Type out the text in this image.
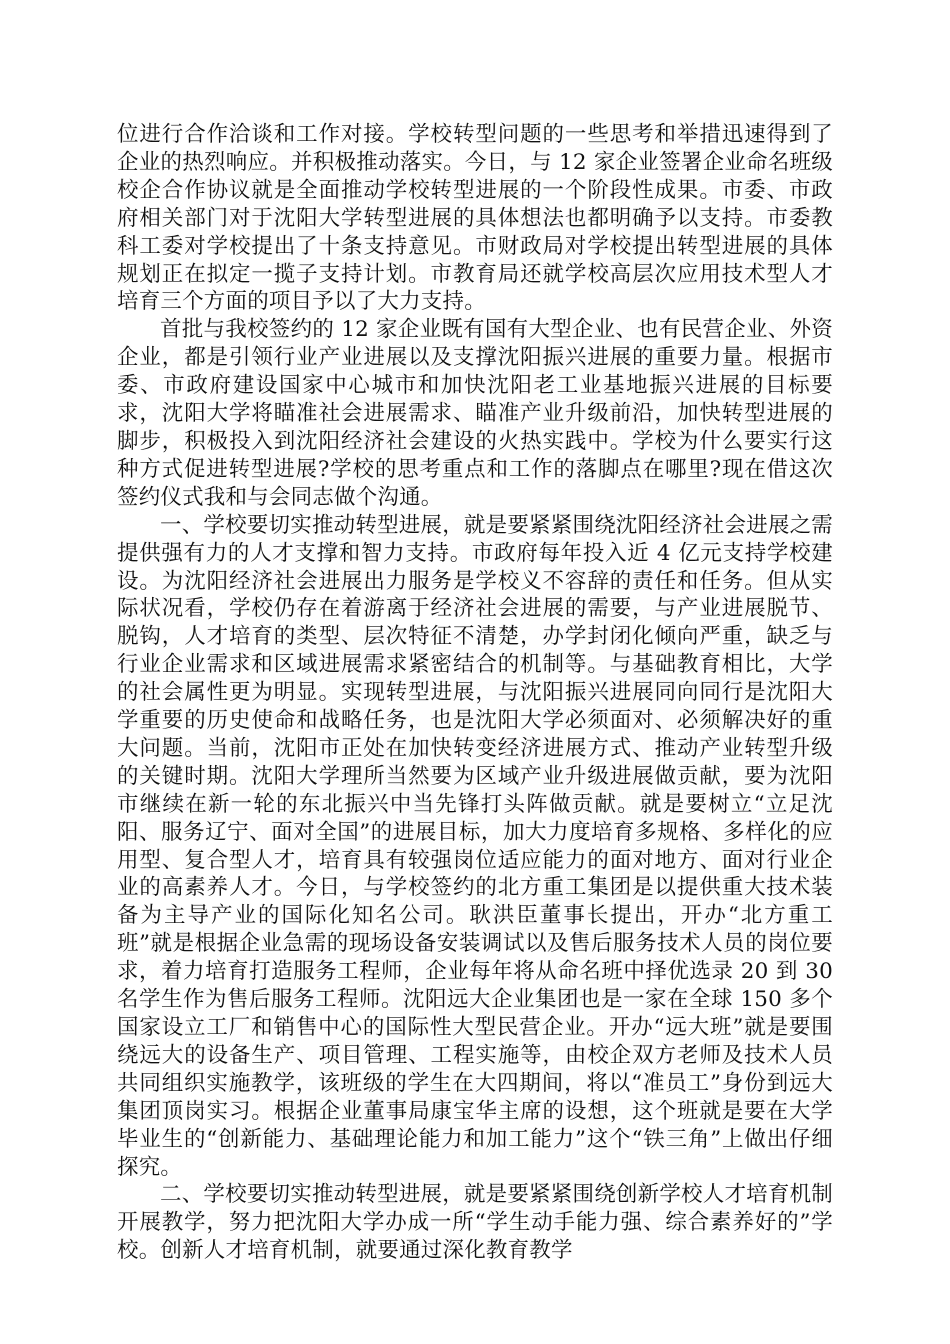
位进行合作洽谈和工作对接。学校转型问题的一些思考和举措迅速得到了企业的热烈响应。并积极推动落实。今日，与 12 家企业签署企业命名班级校企合作协议就是全面推动学校转型进展的一个阶段性成果。市委、市政府相关部门对于沈阳大学转型进展的具体想法也都明确予以支持。市委教科工委对学校提出了十条支持意见。市财政局对学校提出转型进展的具体规划正在拟定一揽子支持计划。市教育局还就学校高层次应用技术型人才培育三个方面的项目予以了大力支持。

首批与我校签约的 12 家企业既有国有大型企业、也有民营企业、外资企业，都是引领行业产业进展以及支撑沈阳振兴进展的重要力量。根据市委、市政府建设国家中心城市和加快沈阳老工业基地振兴进展的目标要求，沈阳大学将瞄准社会进展需求、瞄准产业升级前沿，加快转型进展的脚步，积极投入到沈阳经济社会建设的火热实践中。学校为什么要实行这种方式促进转型进展?学校的思考重点和工作的落脚点在哪里?现在借这次签约仪式我和与会同志做个沟通。

一、学校要切实推动转型进展，就是要紧紧围绕沈阳经济社会进展之需提供强有力的人才支撑和智力支持。市政府每年投入近 4 亿元支持学校建设。为沈阳经济社会进展出力服务是学校义不容辞的责任和任务。但从实际状况看，学校仍存在着游离于经济社会进展的需要，与产业进展脱节、脱钩，人才培育的类型、层次特征不清楚，办学封闭化倾向严重，缺乏与行业企业需求和区域进展需求紧密结合的机制等。与基础教育相比，大学的社会属性更为明显。实现转型进展，与沈阳振兴进展同向同行是沈阳大学重要的历史使命和战略任务，也是沈阳大学必须面对、必须解决好的重大问题。当前，沈阳市正处在加快转变经济进展方式、推动产业转型升级的关键时期。沈阳大学理所当然要为区域产业升级进展做贡献，要为沈阳市继续在新一轮的东北振兴中当先锋打头阵做贡献。就是要树立“立足沈阳、服务辽宁、面对全国”的进展目标，加大力度培育多规格、多样化的应用型、复合型人才，培育具有较强岗位适应能力的面对地方、面对行业企业的高素养人才。今日，与学校签约的北方重工集团是以提供重大技术装备为主导产业的国际化知名公司。耿洪臣董事长提出，开办“北方重工班”就是根据企业急需的现场设备安装调试以及售后服务技术人员的岗位要求，着力培育打造服务工程师，企业每年将从命名班中择优选录 20 到 30 名学生作为售后服务工程师。沈阳远大企业集团也是一家在全球 150 多个国家设立工厂和销售中心的国际性大型民营企业。开办“远大班”就是要围绕远大的设备生产、项目管理、工程实施等，由校企双方老师及技术人员共同组织实施教学，该班级的学生在大四期间，将以“准员工”身份到远大集团顶岗实习。根据企业董事局康宝华主席的设想，这个班就是要在大学毕业生的“创新能力、基础理论能力和加工能力”这个“铁三角”上做出仔细探究。

二、学校要切实推动转型进展，就是要紧紧围绕创新学校人才培育机制开展教学，努力把沈阳大学办成一所“学生动手能力强、综合素养好的”学校。创新人才培育机制，就要通过深化教育教学
